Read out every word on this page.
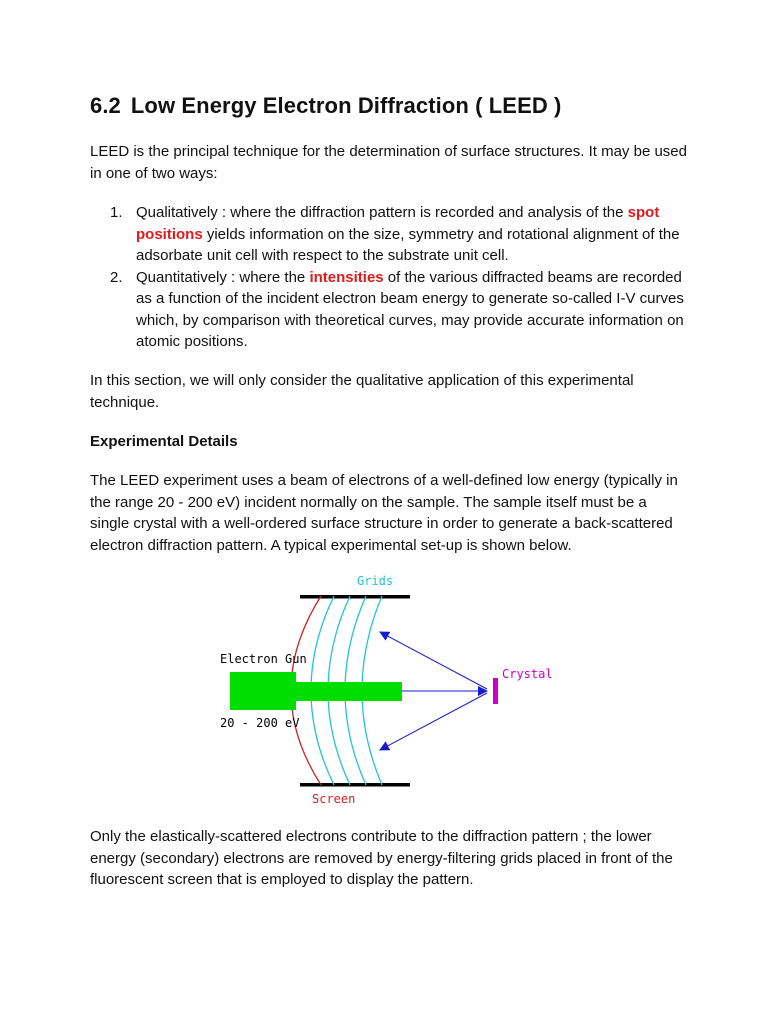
6.2 Low Energy Electron Diffraction ( LEED )

LEED is the principal technique for the determination of surface structures. It may be used in one of two ways:

1. Qualitatively : where the diffraction pattern is recorded and analysis of the spot positions yields information on the size, symmetry and rotational alignment of the adsorbate unit cell with respect to the substrate unit cell.
2. Quantitatively : where the intensities of the various diffracted beams are recorded as a function of the incident electron beam energy to generate so-called I-V curves which, by comparison with theoretical curves, may provide accurate information on atomic positions.

In this section, we will only consider the qualitative application of this experimental technique.

Experimental Details

The LEED experiment uses a beam of electrons of a well-defined low energy (typically in the range 20 - 200 eV) incident normally on the sample. The sample itself must be a single crystal with a well-ordered surface structure in order to generate a back-scattered electron diffraction pattern. A typical experimental set-up is shown below.

Grids
Electron Gun
20 - 200 eV
Crystal
Screen

Only the elastically-scattered electrons contribute to the diffraction pattern ; the lower energy (secondary) electrons are removed by energy-filtering grids placed in front of the fluorescent screen that is employed to display the pattern.
